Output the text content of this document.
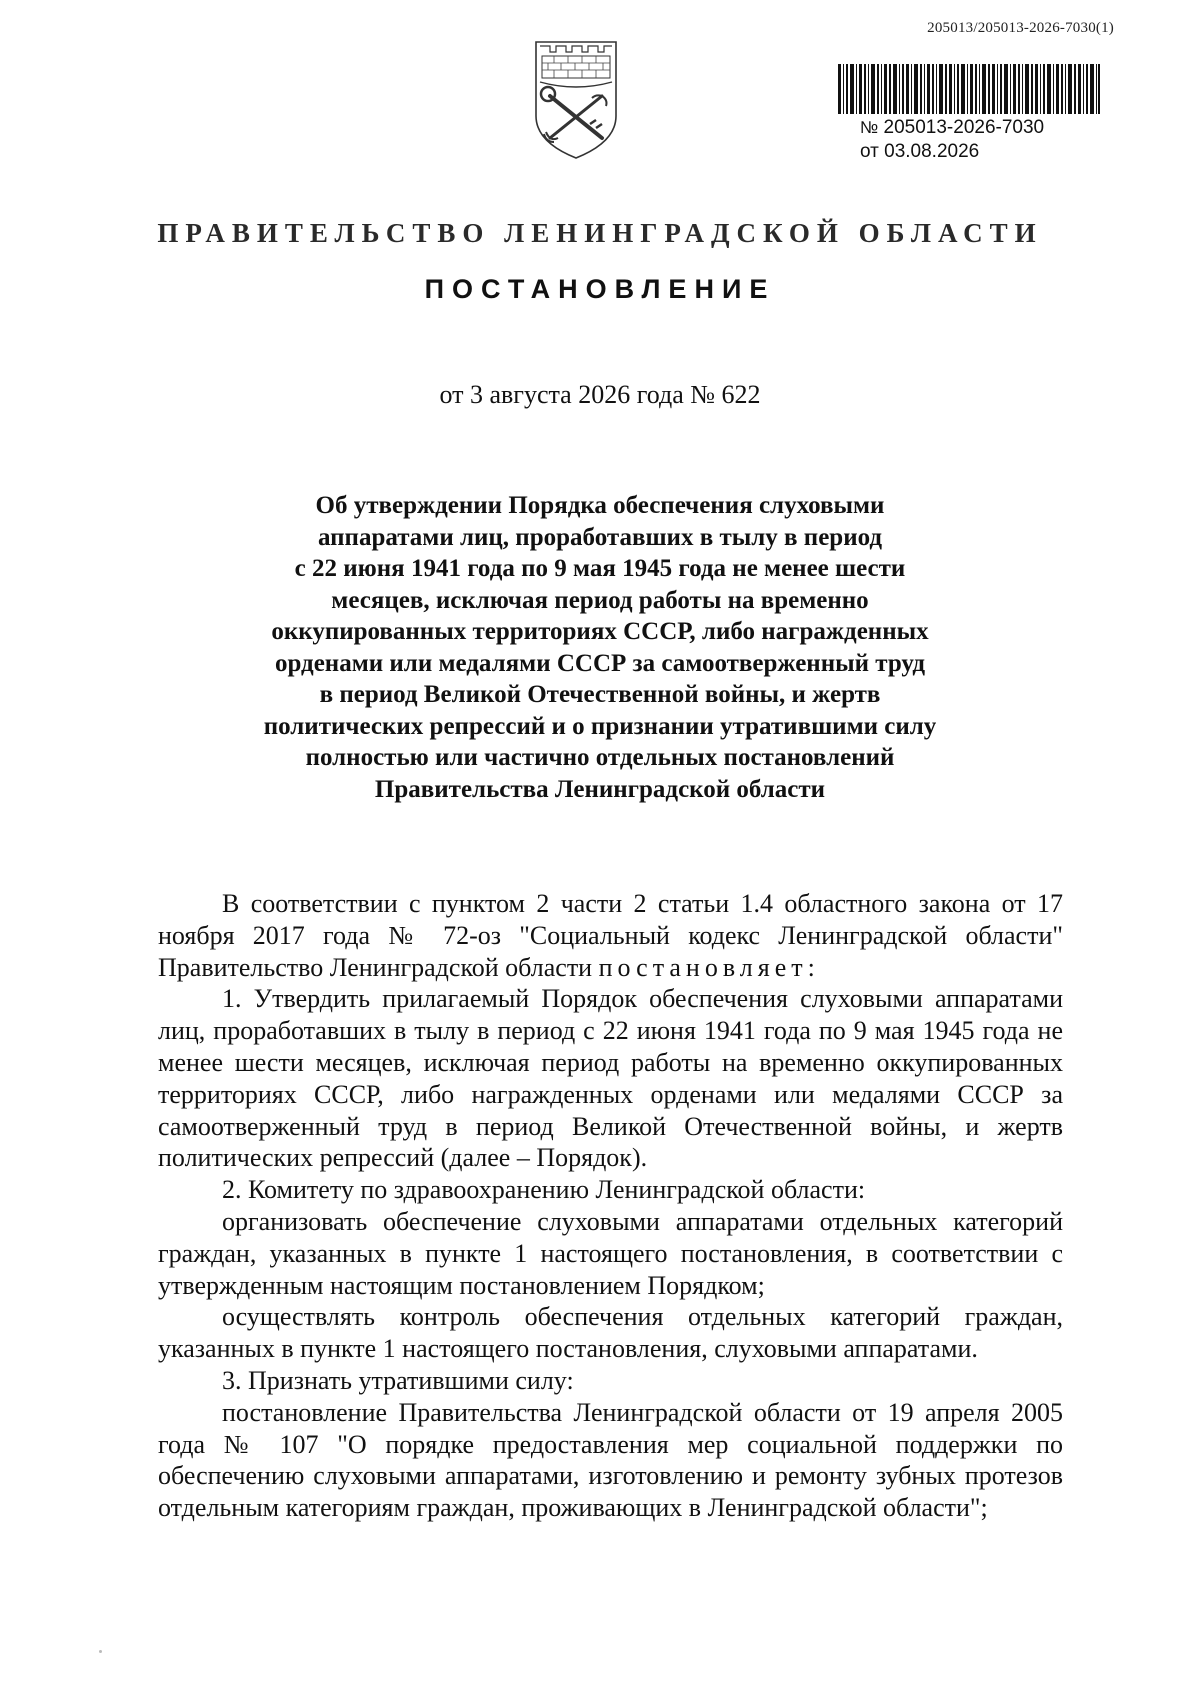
205013/205013-2026-7030(1)
№ 205013-2026-7030
от 03.08.2026
ПРАВИТЕЛЬСТВО ЛЕНИНГРАДСКОЙ ОБЛАСТИ
ПОСТАНОВЛЕНИЕ
от 3 августа 2026 года № 622
Об утверждении Порядка обеспечения слуховыми
аппаратами лиц, проработавших в тылу в период
с 22 июня 1941 года по 9 мая 1945 года не менее шести
месяцев, исключая период работы на временно
оккупированных территориях СССР, либо награжденных
орденами или медалями СССР за самоотверженный труд
в период Великой Отечественной войны, и жертв
политических репрессий и о признании утратившими силу
полностью или частично отдельных постановлений
Правительства Ленинградской области

В соответствии с пунктом 2 части 2 статьи 1.4 областного закона от 17 ноября 2017 года № 72-оз "Социальный кодекс Ленинградской области" Правительство Ленинградской области постановляет:

1. Утвердить прилагаемый Порядок обеспечения слуховыми аппаратами лиц, проработавших в тылу в период с 22 июня 1941 года по 9 мая 1945 года не менее шести месяцев, исключая период работы на временно оккупированных территориях СССР, либо награжденных орденами или медалями СССР за самоотверженный труд в период Великой Отечественной войны, и жертв политических репрессий (далее – Порядок).

2. Комитету по здравоохранению Ленинградской области:

организовать обеспечение слуховыми аппаратами отдельных категорий граждан, указанных в пункте 1 настоящего постановления, в соответствии с утвержденным настоящим постановлением Порядком;

осуществлять контроль обеспечения отдельных категорий граждан, указанных в пункте 1 настоящего постановления, слуховыми аппаратами.

3. Признать утратившими силу:

постановление Правительства Ленинградской области от 19 апреля 2005 года № 107 "О порядке предоставления мер социальной поддержки по обеспечению слуховыми аппаратами, изготовлению и ремонту зубных протезов отдельным категориям граждан, проживающих в Ленинградской области";
